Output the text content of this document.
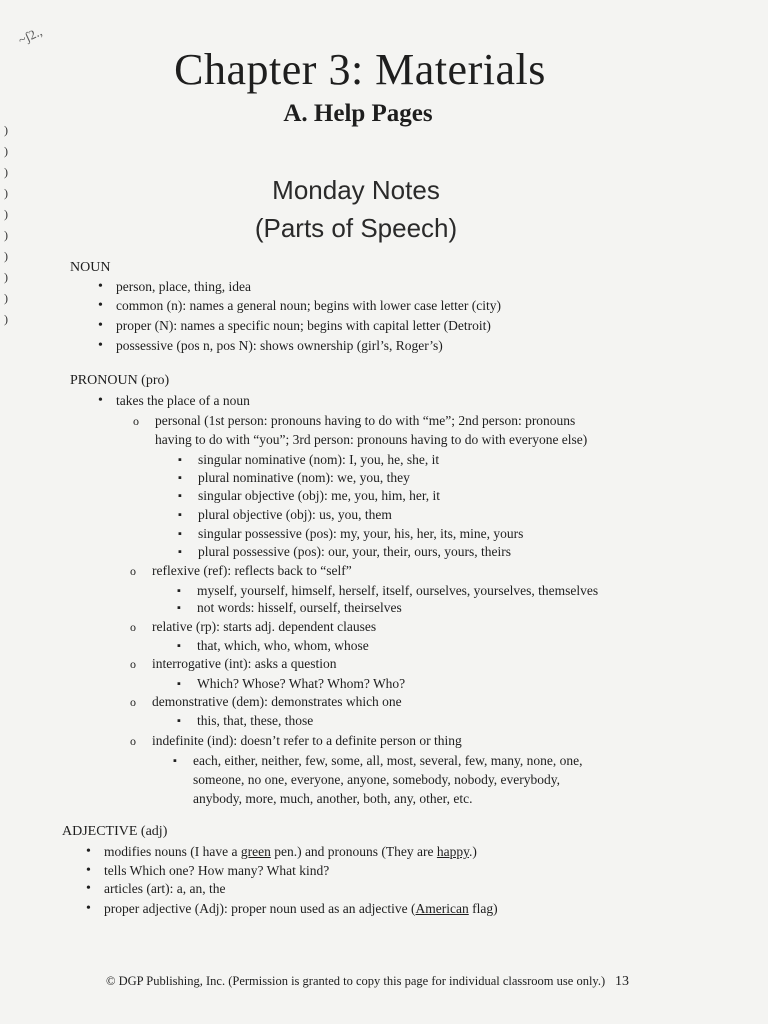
~ʃ2.,
)
)
)
)
)
)
)
)
)
)
Chapter 3: Materials
A. Help Pages
Monday Notes
(Parts of Speech)
NOUN
• person, place, thing, idea
• common (n): names a general noun; begins with lower case letter (city)
• proper (N): names a specific noun; begins with capital letter (Detroit)
• possessive (pos n, pos N): shows ownership (girl’s, Roger’s)
PRONOUN (pro)
• takes the place of a noun
o personal (1st person: pronouns having to do with “me”; 2nd person: pronouns
having to do with “you”; 3rd person: pronouns having to do with everyone else)
▪ singular nominative (nom): I, you, he, she, it
▪ plural nominative (nom): we, you, they
▪ singular objective (obj): me, you, him, her, it
▪ plural objective (obj): us, you, them
▪ singular possessive (pos): my, your, his, her, its, mine, yours
▪ plural possessive (pos): our, your, their, ours, yours, theirs
o reflexive (ref): reflects back to “self”
▪ myself, yourself, himself, herself, itself, ourselves, yourselves, themselves
▪ not words: hisself, ourself, theirselves
o relative (rp): starts adj. dependent clauses
▪ that, which, who, whom, whose
o interrogative (int): asks a question
▪ Which? Whose? What? Whom? Who?
o demonstrative (dem): demonstrates which one
▪ this, that, these, those
o indefinite (ind): doesn’t refer to a definite person or thing
▪ each, either, neither, few, some, all, most, several, few, many, none, one,
someone, no one, everyone, anyone, somebody, nobody, everybody,
anybody, more, much, another, both, any, other, etc.
ADJECTIVE (adj)
• modifies nouns (I have a green pen.) and pronouns (They are happy.)
• tells Which one? How many? What kind?
• articles (art): a, an, the
• proper adjective (Adj): proper noun used as an adjective (American flag)
© DGP Publishing, Inc. (Permission is granted to copy this page for individual classroom use only.) 13
